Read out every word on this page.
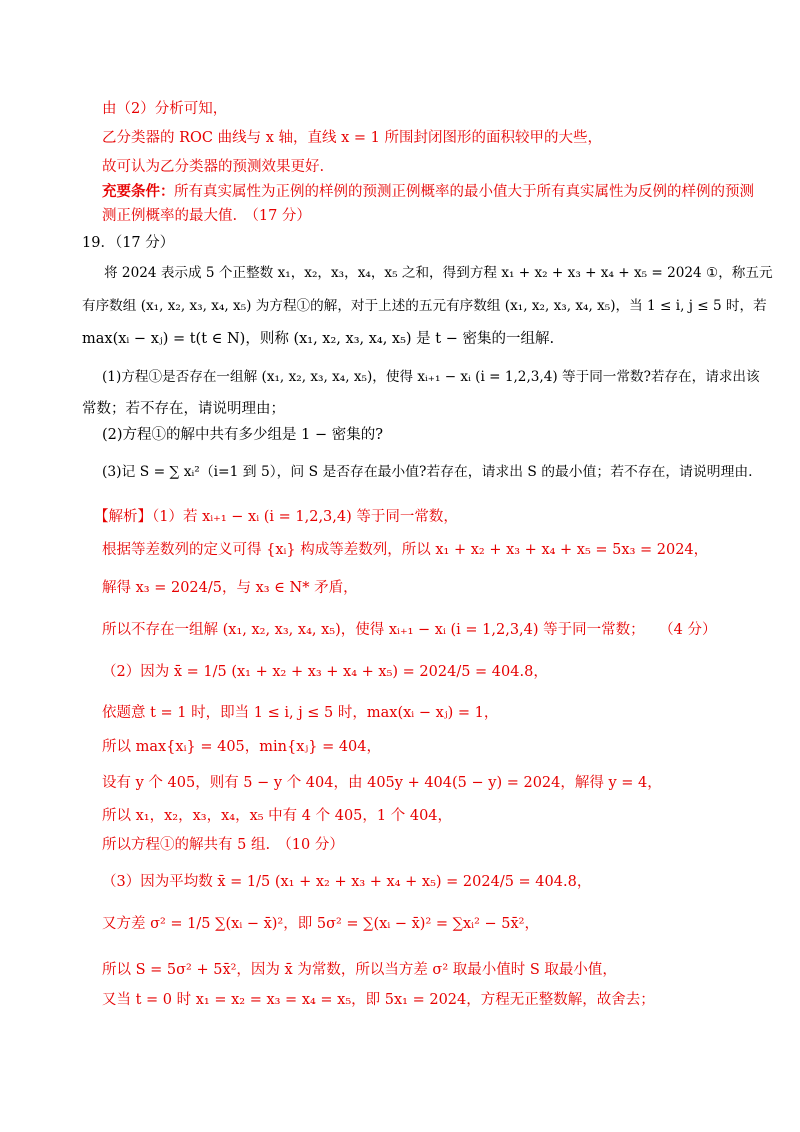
由（2）分析可知，
乙分类器的 ROC 曲线与 x 轴，直线 x = 1 所围封闭图形的面积较甲的大些，
故可认为乙分类器的预测效果更好.
充要条件： 所有真实属性为正例的样例的预测正例概率的最小值大于所有真实属性为反例的样例的预测
测正例概率的最大值.　（17 分）
19．（17 分）
将 2024 表示成 5 个正整数 x₁，x₂，x₃，x₄，x₅ 之和，得到方程 x₁ + x₂ + x₃ + x₄ + x₅ = 2024 ①，称五元
有序数组 (x₁, x₂, x₃, x₄, x₅) 为方程①的解，对于上述的五元有序数组 (x₁, x₂, x₃, x₄, x₅)，当 1 ≤ i, j ≤ 5 时，若
max(xᵢ − xⱼ) = t(t ∈ N)，则称 (x₁, x₂, x₃, x₄, x₅) 是 t − 密集的一组解.
(1)方程①是否存在一组解 (x₁, x₂, x₃, x₄, x₅)，使得 xᵢ₊₁ − xᵢ (i = 1,2,3,4) 等于同一常数?若存在，请求出该
常数；若不存在，请说明理由；
(2)方程①的解中共有多少组是 1 − 密集的?
(3)记 S = ∑ xᵢ²（i=1 到 5），问 S 是否存在最小值?若存在，请求出 S 的最小值；若不存在，请说明理由.
【解析】（1）若 xᵢ₊₁ − xᵢ (i = 1,2,3,4) 等于同一常数，
根据等差数列的定义可得 {xᵢ} 构成等差数列，所以 x₁ + x₂ + x₃ + x₄ + x₅ = 5x₃ = 2024，
解得 x₃ = 2024/5，与 x₃ ∈ N* 矛盾，
所以不存在一组解 (x₁, x₂, x₃, x₄, x₅)，使得 xᵢ₊₁ − xᵢ (i = 1,2,3,4) 等于同一常数；　　（4 分）
（2）因为 x̄ = 1/5 (x₁ + x₂ + x₃ + x₄ + x₅) = 2024/5 = 404.8，
依题意 t = 1 时，即当 1 ≤ i, j ≤ 5 时，max(xᵢ − xⱼ) = 1，
所以 max{xᵢ} = 405，min{xⱼ} = 404，
设有 y 个 405，则有 5 − y 个 404，由 405y + 404(5 − y) = 2024，解得 y = 4，
所以 x₁，x₂，x₃，x₄，x₅ 中有 4 个 405，1 个 404，
所以方程①的解共有 5 组.　（10 分）
（3）因为平均数 x̄ = 1/5 (x₁ + x₂ + x₃ + x₄ + x₅) = 2024/5 = 404.8，
又方差 σ² = 1/5 ∑(xᵢ − x̄)²，即 5σ² = ∑(xᵢ − x̄)² = ∑xᵢ² − 5x̄²，
所以 S = 5σ² + 5x̄²，因为 x̄ 为常数，所以当方差 σ² 取最小值时 S 取最小值，
又当 t = 0 时 x₁ = x₂ = x₃ = x₄ = x₅，即 5x₁ = 2024，方程无正整数解，故舍去；
